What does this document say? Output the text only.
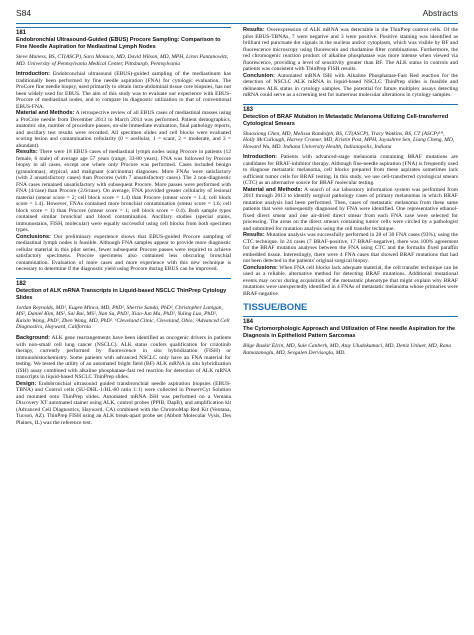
S84	Abstracts
181
Endobronchial Ultrasound-Guided (EBUS) Procore Sampling: Comparison to Fine Needle Aspiration for Mediastinal Lymph Nodes
Steve Maness, BS, CT(ASCP), Sara Monaco, MD, David Wilson, MD, MPH, Liron Pantanowitz, MD. University of Pennsylvania Medical Center, Pittsburgh, Pennsylvania

Introduction: Endobronchial ultrasound (EBUS)-guided sampling of the mediastinum has traditionally been performed by fine needle aspiration (FNA) for cytologic evaluation. The ProCore fine needle biopsy, used primarily to obtain intra-abdominal tissue core biopsies, has not been widely used for EBUS. The aim of this study was to evaluate our experience with EBUS-Procore of mediastinal nodes, and to compare its diagnostic utilization to that of conventional EBUS-FNA.

Material and Methods: A retrospective review of all EBUS cases of mediastinal masses using a ProCore needle from December 2013 to March 2014 was performed. Patient demographics, anatomic site, number of procedure passes, on-site immediate evaluation, final pathology reports, and ancillary test results were recorded. All specimen slides and cell blocks were evaluated scoring lesion and contamination cellularity (0 = acellular, 1 = scant, 2 = moderate, and 3 = abundant).

Results: There were 18 EBUS cases of mediastinal lymph nodes using Procore in patients (12 female, 6 male) of average age 57 years (range, 33-80 years). FNA was followed by Procore biopsy in all cases, except one where only Procore was performed. Cases included benign (granulomas), atypical, and malignant (carcinoma) diagnoses. More FNAs were satisfactory (with 2 unsatisfactory cases) than Procores (with 7 unsatisfactory cases). The 2 non-diagnostic FNA cases remained unsatisfactory with subsequent Procore. More passes were performed with FNA (4/case) than Procore (2.6/case). On average, FNA provided greater cellularity of lesional material (smear score = 2; cell block score = 1.4) than Procore (smear score = 1.4; cell block score = 1.4). However, FNAs contained more bronchial contamination (smear score = 1.6; cell block score = 1) than Procore (smear score = 1; cell block score = 0.4). Both sample types contained similar bronchial and blood contamination. Ancillary studies (special stains, immunostains, FISH, molecular) were equally successful using cell blocks from both specimen types.

Conclusions: Our preliminary experience shows that EBUS-guided Procore sampling of mediastinal lymph nodes is feasible. Although FNA samples appear to provide more diagnostic cellular material in this pilot series, fewer subsequent Procore passes were required to achieve satisfactory specimens. Procore specimens also contained less obscuring bronchial contamination. Evaluation of more cases and more experience with this new technique is necessary to determine if the diagnostic yield using Procore during EBUS can be improved.

182
Detection of ALK mRNA Transcripts in Liquid-based NSCLC ThinPrep Cytology Slides
Jordan Reynolds, MD¹, Eugen Minca, MD, PhD², Sherrie Sanda, PhD², Christopher Lanigan, MS², Daniel Kim, MS², Sai Bai, MS², Nan Su, PhD², Xiao-Jun Ma, PhD², Yuling Luo, PhD², Kaixin Wang, PhD², Zhen Wang, MD, PhD². ¹Cleveland Clinic, Cleveland, Ohio; ²Advanced Cell Diagnostics, Hayward, California

Background: ALK gene rearrangements have been identified as oncogenic drivers in patients with non-small cell lung cancer (NSCLC). ALK status confers qualification for crizotinib therapy, currently performed by fluorescence in situ hybridization (FISH) or immunohistochemistry. Some patients with advanced NSCLC only have an FNA material for testing. We tested the utility of an automated bright field (BF) ALK mRNA in situ hybridization (ISH) assay combined with alkaline phosphatase-fast red reaction for detection of ALK mRNA transcripts in liquid-based NSCLC ThinPrep slides.

Design: Endobronchial ultrasound guided transbronchial needle aspiration biopsies (EBUS-TBNA) and Control cells (SU-DHL-1/HL-60 ratio 1:1) were collected in PreservCyt Solution and mounted onto ThinPrep slides. Automated mRNA ISH was performed on a Ventana Discovery XT automated stainer using ALK, control probes (PPIB, DapB), and amplification kit (Advanced Cell Diagnostics, Hayward, CA) combined with the ChromoMap Red Kit (Ventana, Tucson, AZ). ThinPrep FISH using an ALK break-apart probe set (Abbott Molecular Vysis, Des Plaines, IL) was the reference test.

Results: Overexpression of ALK mRNA was detectable in the ThinPrep control cells. Of the pilot EBUS-TBNAs, 7 were negative and 3 were positive. Positive staining was identified as brilliant red punctuate dot signals in the nucleus and/or cytoplasm, which was visible by BF and fluorescence microscopy using fluorescein and rhodamine filter combinations. Furthermore, the red chromogenic reaction product of alkaline phosphatase was more intense when viewed via fluorescence, providing a level of sensitivity greater than BF. The ALK status in controls and patients was consistent with ThinPrep FISH results.

Conclusion: Automated mRNA ISH with Alkaline Phosphatase-Fast Red reaction for the detection of NSCLC ALK mRNA in liquid-based NSCLC ThinPrep slides is feasible and delineates ALK status in cytology samples. The potential for future multiplex assays detecting mRNA could serve as a screening test for numerous molecular alterations in cytology samples.

183
Detection of BRAF Mutation in Metastatic Melanoma Utilizing Cell-transferred Cytological Smears
Shaoxiong Chen, MD, Melissa Randolph, BS, CT(ASCP), Tracy Watkins, BS, CT (ASCP)¹ᴹ, Holly McCullough, Harvey Cramer, MD, Kristin Post, MPH, Jayashree Sen, Liang Cheng, MD, Howard Wu, MD. Indiana University Health, Indianapolis, Indiana

Introduction: Patients with advanced-stage melanoma containing BRAF mutations are candidates for BRAF-inhibitor therapy. Although fine-needle aspiration (FNA) is frequently used to diagnose metastatic melanoma, cell blocks prepared from these aspirates sometimes lack sufficient tumor cells for BRAF testing. In this study, we use cell-transferred cytological smears (CTC) as an alternative source for BRAF molecular testing.

Material and Methods: A search of our laboratory information system was performed from 2011 through 2013 to identify surgical pathology cases of primary melanomas in which BRAF mutation analysis had been performed. Then, cases of metastatic melanoma from these same patients that were subsequently diagnosed by FNA were identified. One representative ethanol-fixed direct smear and one air-dried direct smear from each FNA case were selected for processing. The areas on the direct smears containing tumor cells were circled by a pathologist and submitted for mutation analysis using the cell transfer technique.

Results: Mutation analysis was successfully performed in 28 of 30 FNA cases (93%), using the CTC technique. In 24 cases (7 BRAF-positive, 17 BRAF-negative), there was 100% agreement for the BRAF mutation analyses between the FNA using CTC and the formalin fixed paraffin embedded tissue. Interestingly, there were 4 FNA cases that showed BRAF mutations that had not been detected in the patients' original surgical biopsy.

Conclusions: When FNA cell blocks lack adequate material, the cell transfer technique can be used as a reliable, alternative method for detecting BRAF mutations. Additional mutational events may occur during acquisition of the metastatic phenotype that might explain why BRAF mutations were unexpectedly identified in 4 FNAs of metastatic melanoma whose primaries were BRAF-negative.

TISSUE/BONE
184
The Cytomorphologic Approach and Utilization of Fine needle Aspiration for the Diagnosis in Epithelioid Pattern Sarcomas
Bilge Baskir Elcin, MD, Sule Canberk, MD, Atay Uludokumaci, MD, Deniz Unluer, MD, Rana Ramazanoglu, MD, Sevgalen Dervisoglu, MD.
